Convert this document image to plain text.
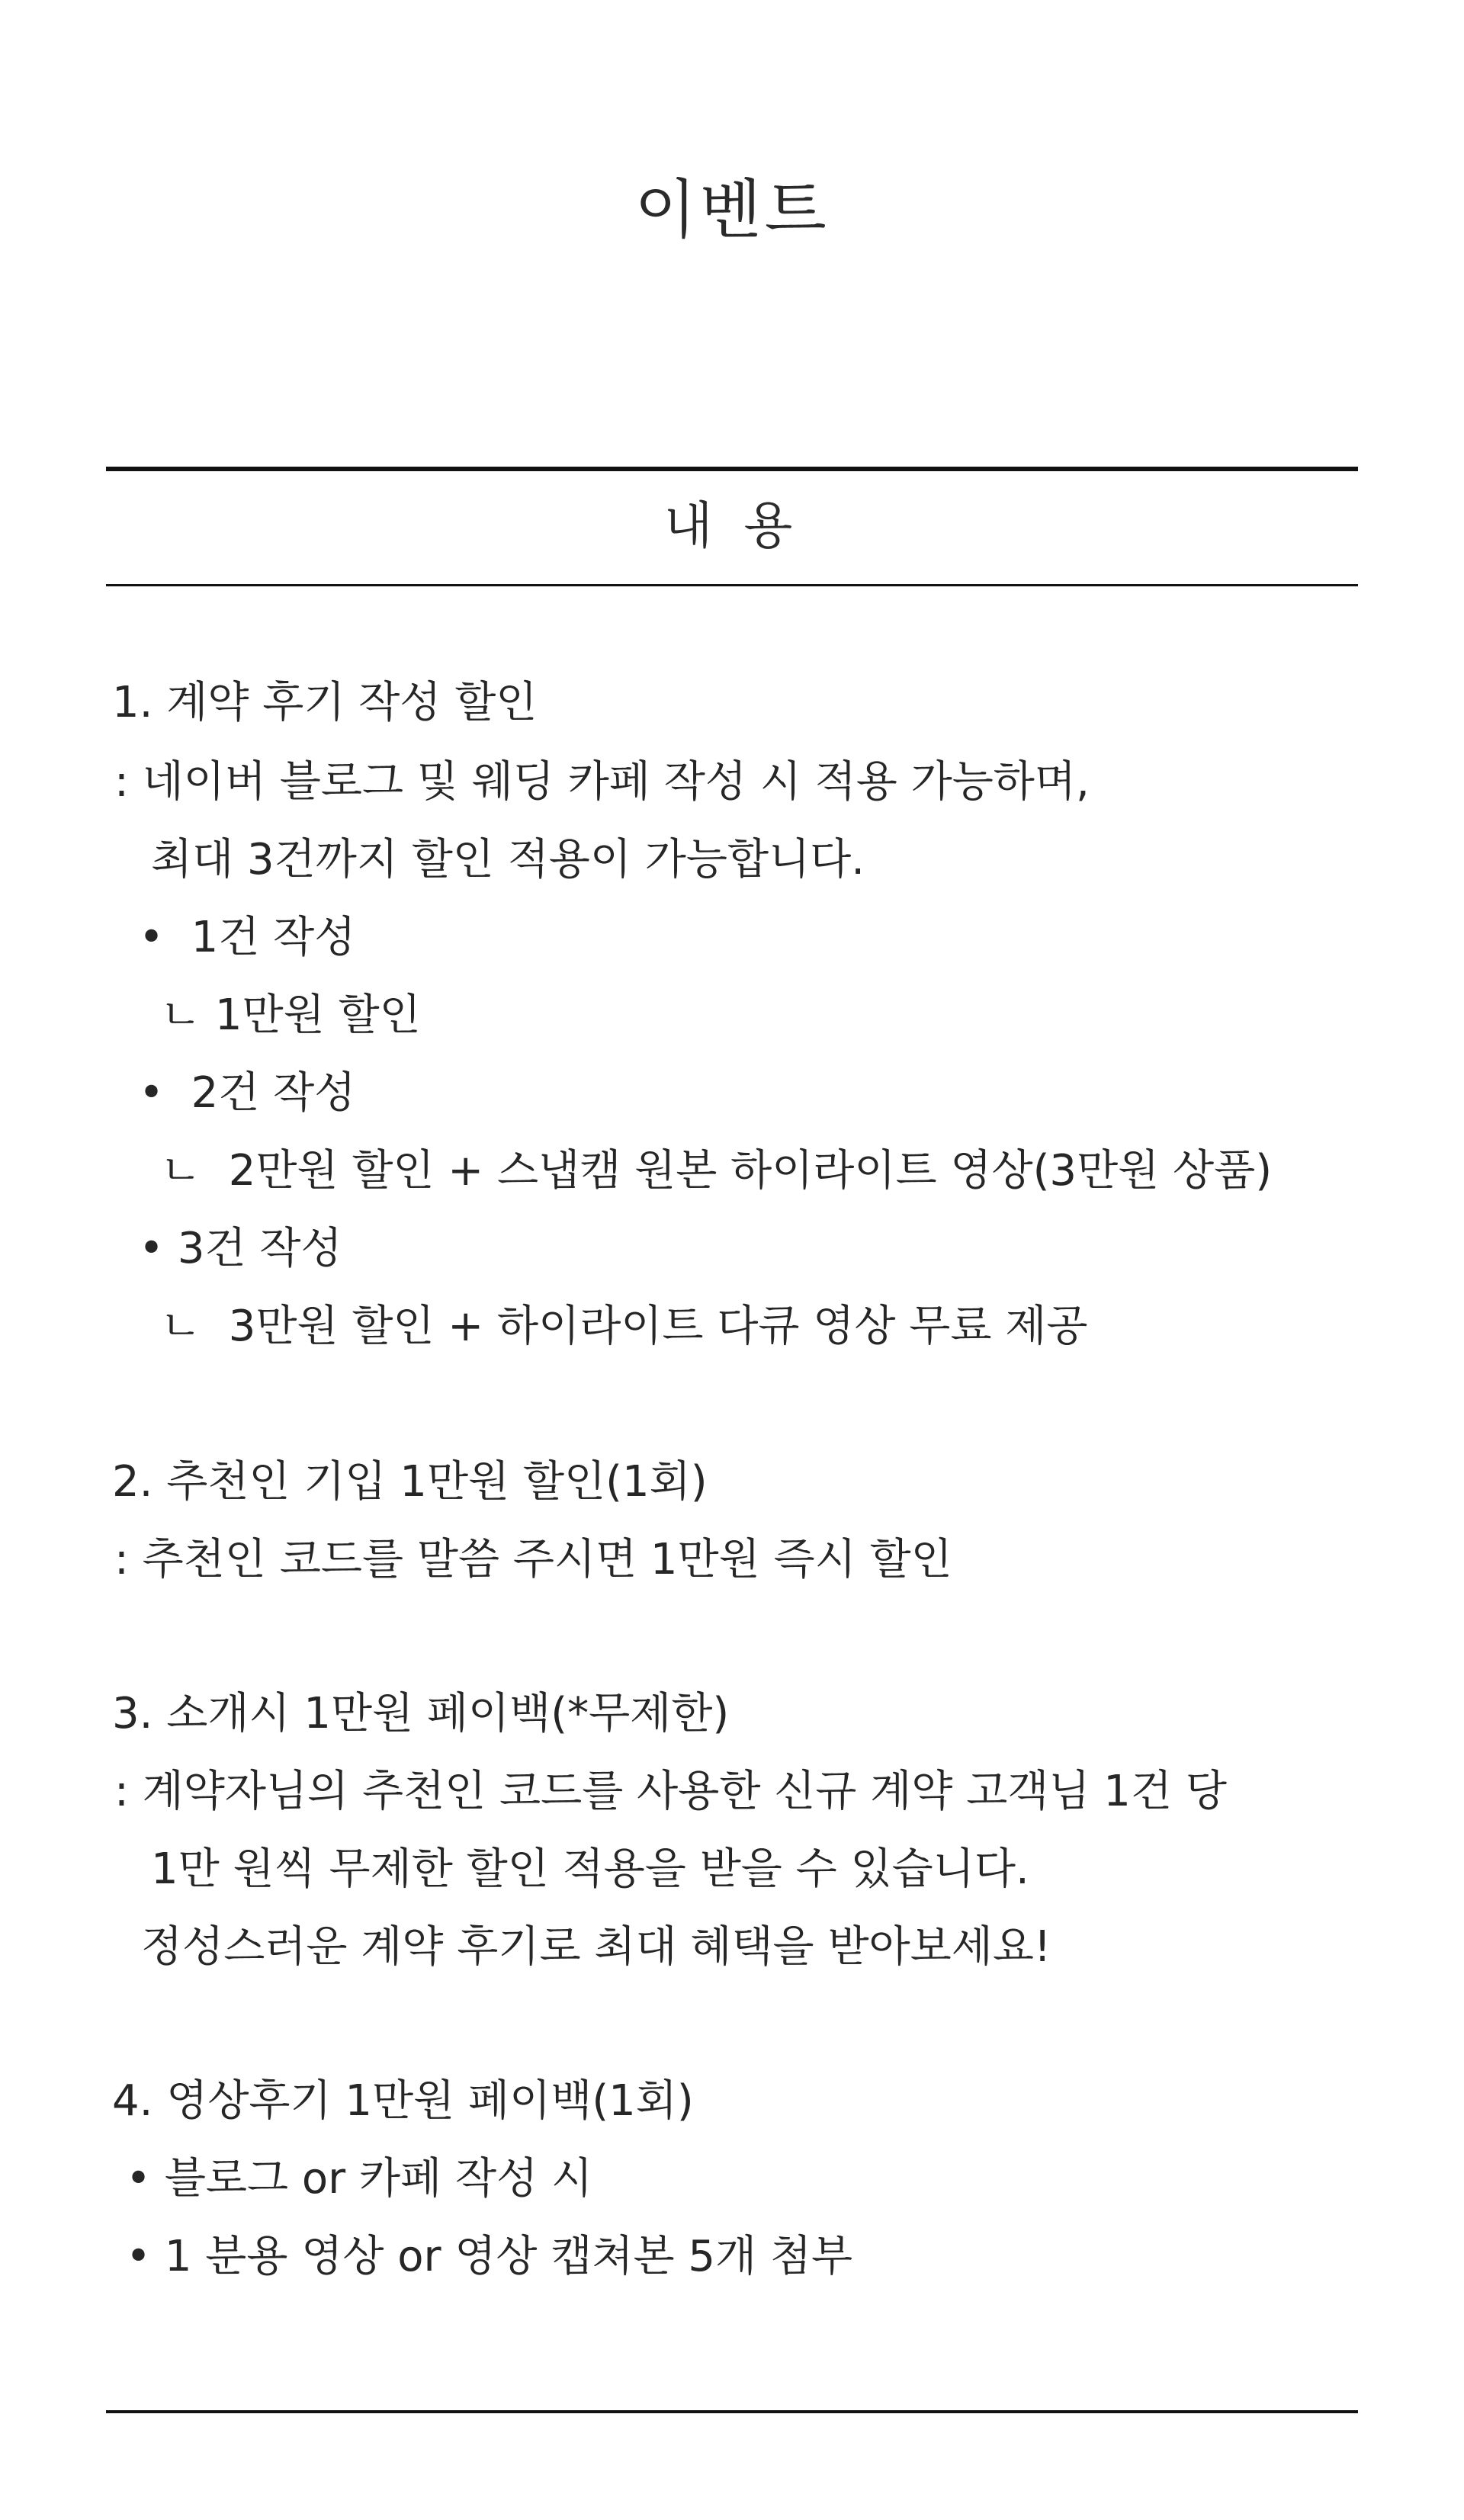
이벤트
내 용
1. 계약 후기 작성 할인
: 네이버 블로그 및 웨딩 카페 작성 시 적용 가능하며,
최대 3건까지 할인 적용이 가능합니다.
•  1건 작성
ㄴ 1만원 할인
•  2건 작성
ㄴ  2만원 할인 + 스냅캠 원본 하이라이트 영상(3만원 상품)
• 3건 작성
ㄴ  3만원 할인 + 하이라이트 다큐 영상 무료 제공
2. 추천인 기입 1만원 할인(1회)
: 추천인 코드를 말씀 주시면 1만원 즉시 할인
3. 소개시 1만원 페이백(*무제한)
: 계약자님의 추천인 코드를 사용한 신규 계약 고객님 1건 당
1만 원씩 무제한 할인 적용을 받을 수 있습니다.
정성스러운 계약 후기로 최대 혜택을 받아보세요!
4. 영상후기 1만원 페이백(1회)
• 블로그 or 카페 작성 시
• 1 분용 영상 or 영상 캡쳐본 5개 첨부
